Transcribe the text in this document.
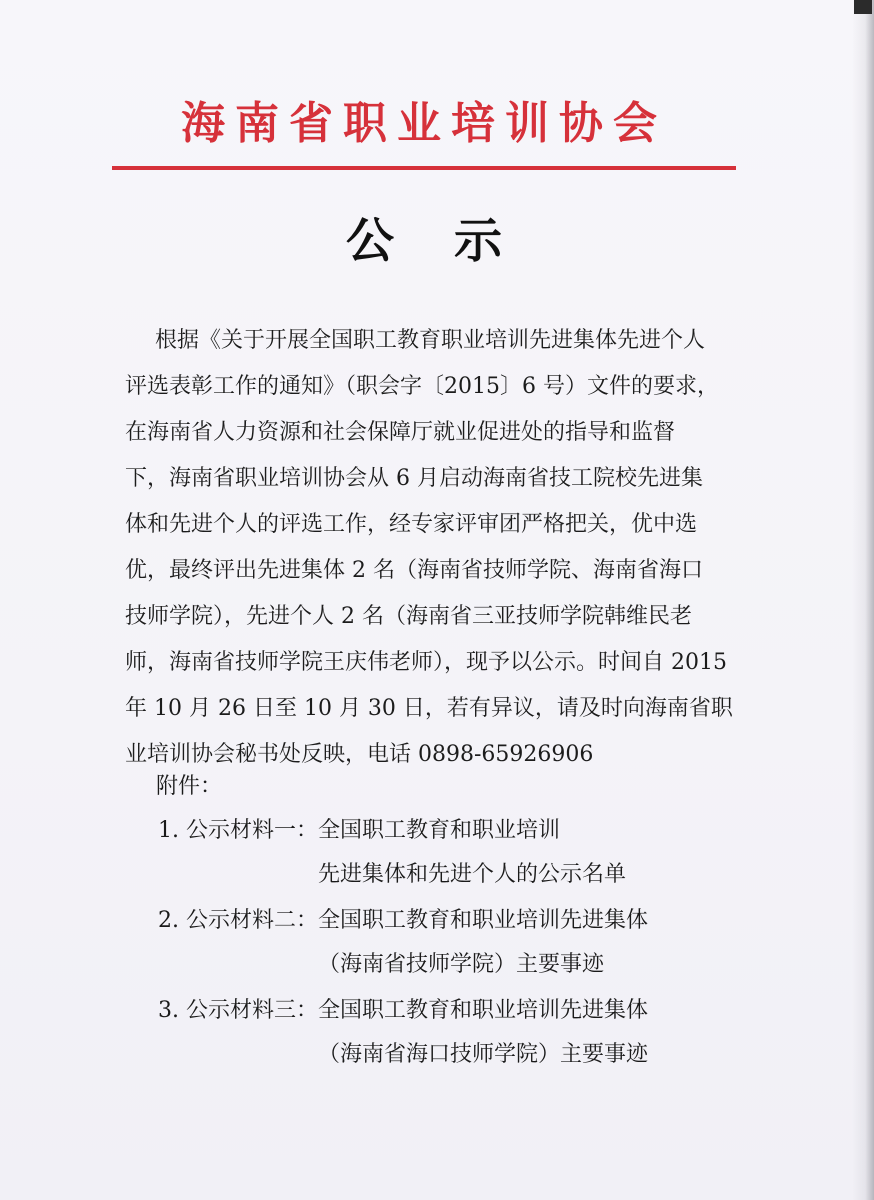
海南省职业培训协会
公示
根据《关于开展全国职工教育职业培训先进集体先进个人
评选表彰工作的通知》（职会字〔2015〕6 号）文件的要求，
在海南省人力资源和社会保障厅就业促进处的指导和监督
下，海南省职业培训协会从 6 月启动海南省技工院校先进集
体和先进个人的评选工作，经专家评审团严格把关，优中选
优，最终评出先进集体 2 名（海南省技师学院、海南省海口
技师学院），先进个人 2 名（海南省三亚技师学院韩维民老
师，海南省技师学院王庆伟老师），现予以公示。时间自 2015
年 10 月 26 日至 10 月 30 日，若有异议，请及时向海南省职
业培训协会秘书处反映，电话 0898-65926906
附件：
1. 公示材料一： 全国职工教育和职业培训
先进集体和先进个人的公示名单
2. 公示材料二： 全国职工教育和职业培训先进集体
（海南省技师学院）主要事迹
3. 公示材料三： 全国职工教育和职业培训先进集体
（海南省海口技师学院）主要事迹
